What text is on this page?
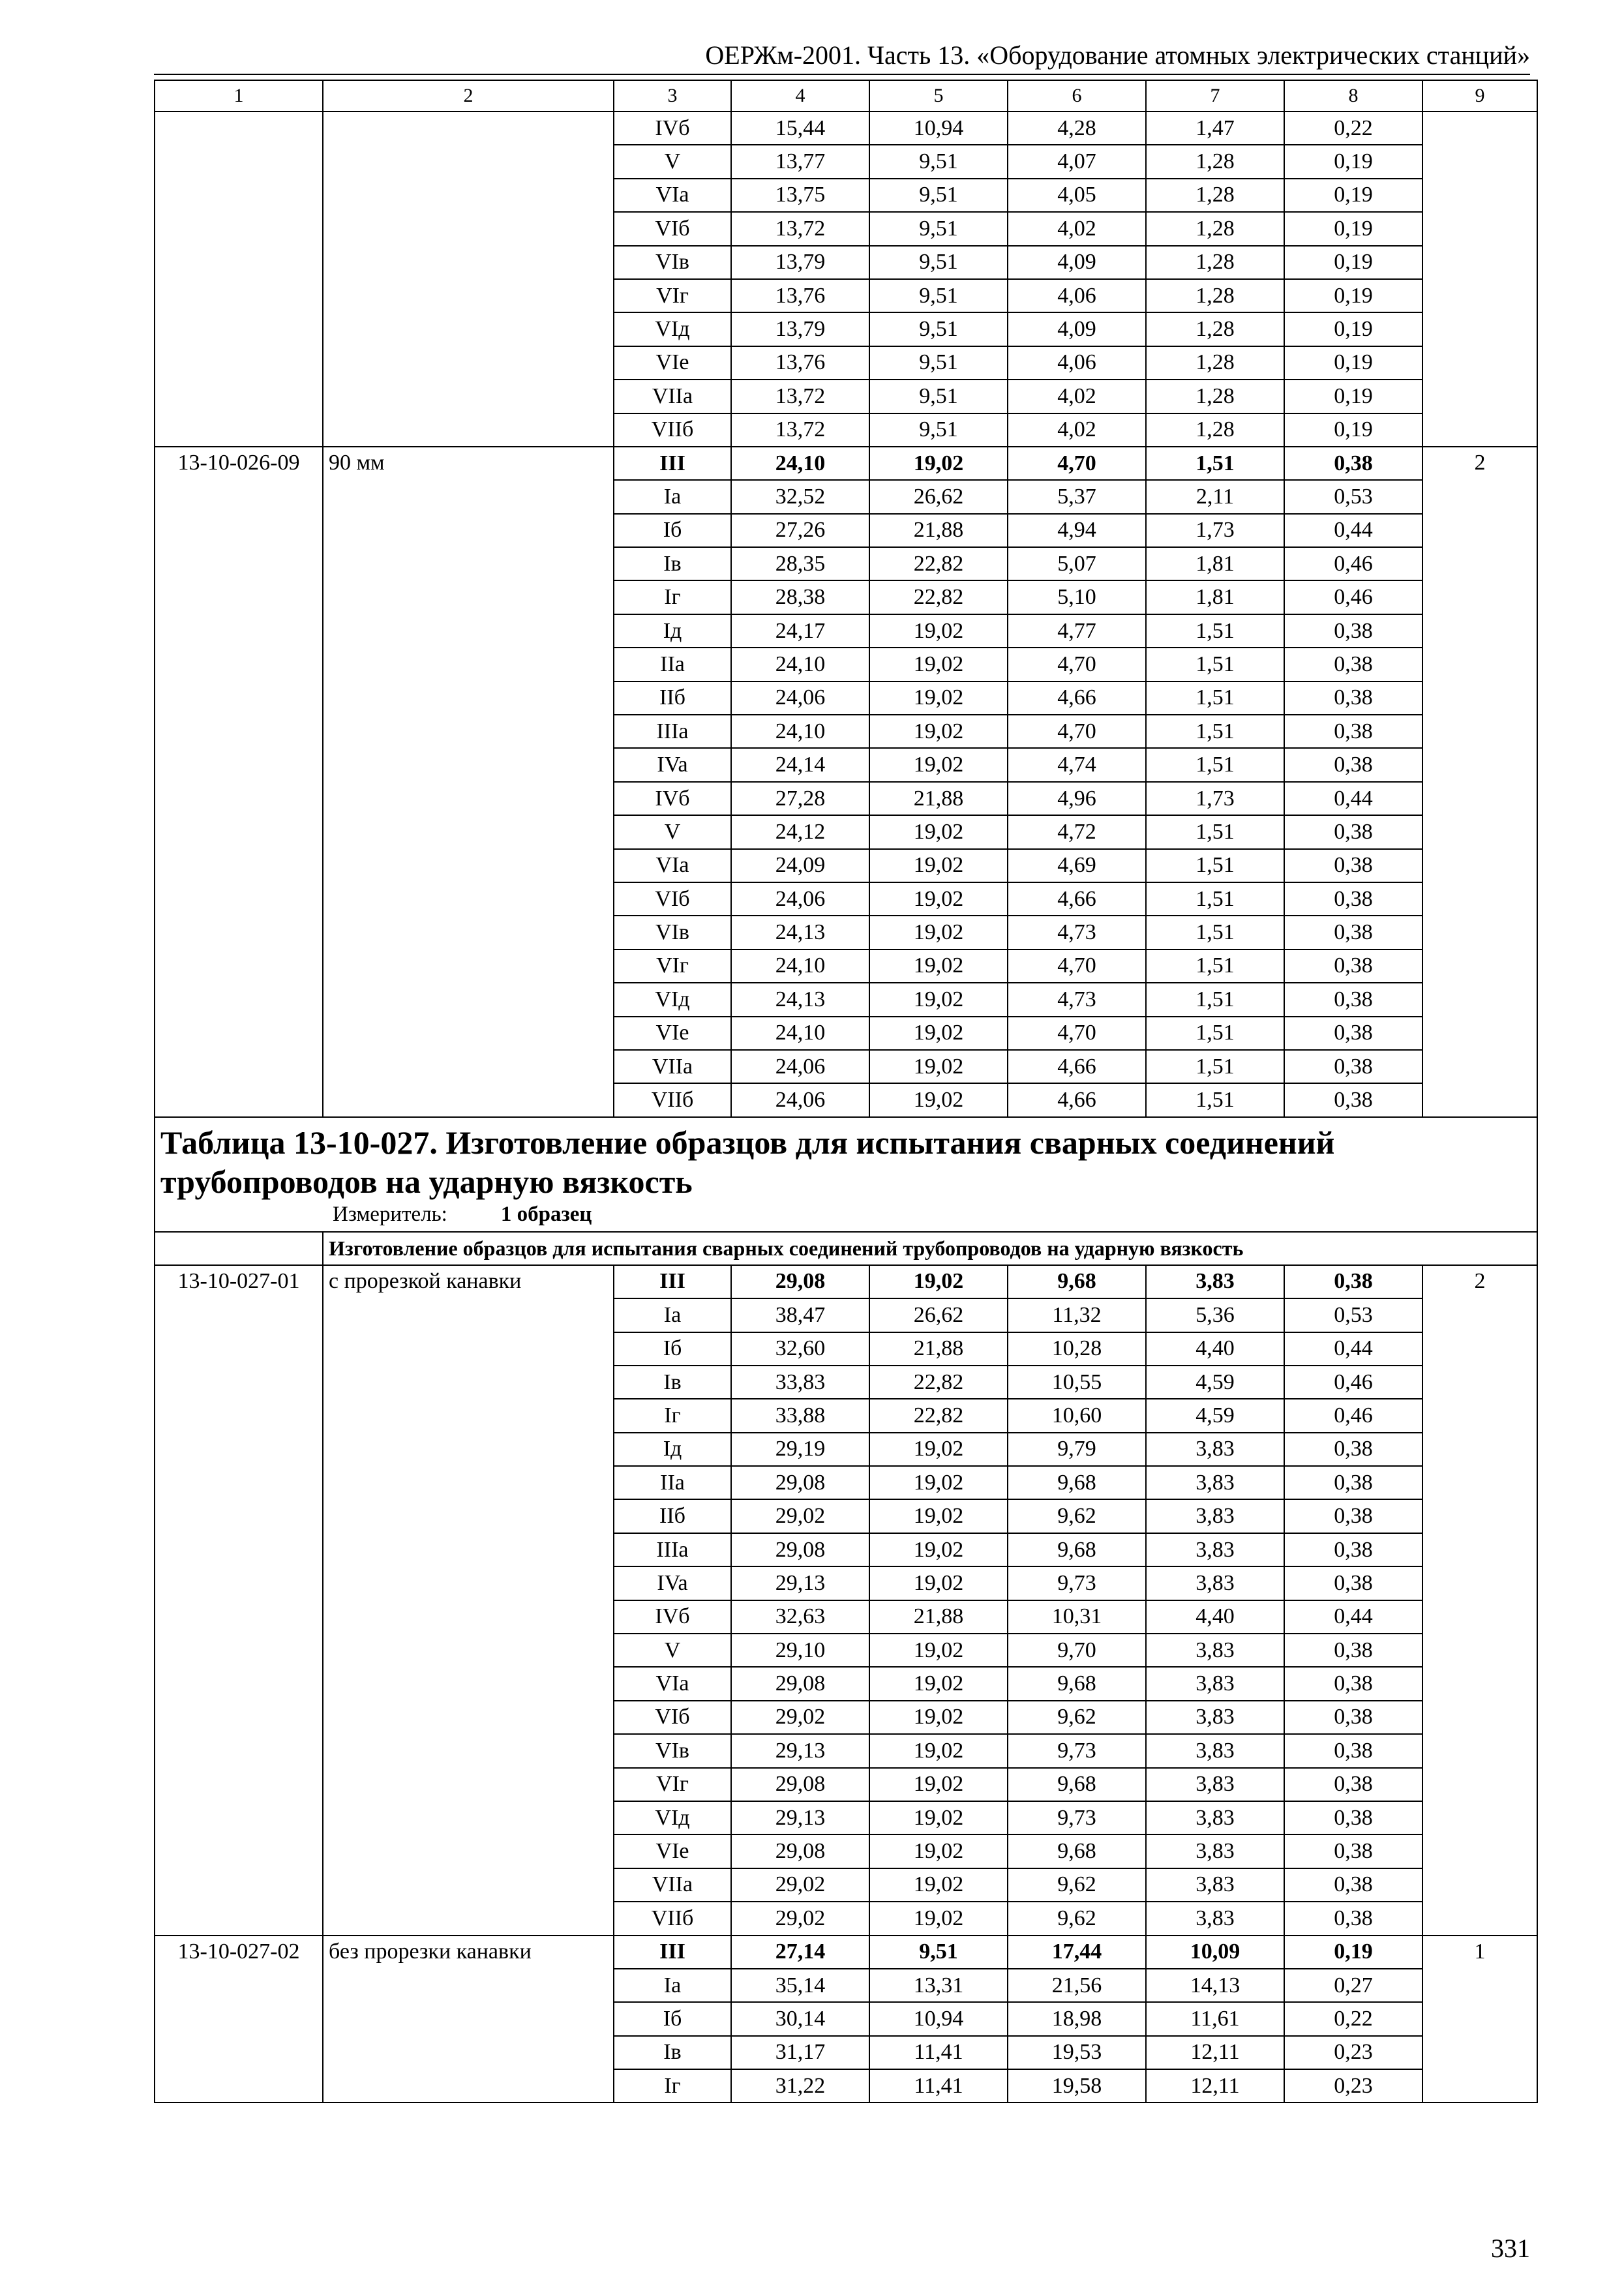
ОЕРЖм-2001. Часть 13. «Оборудование атомных электрических станций»
1	2	3	4	5	6	7	8	9
		IVб	15,44	10,94	4,28	1,47	0,22	
		V	13,77	9,51	4,07	1,28	0,19	
		VIa	13,75	9,51	4,05	1,28	0,19	
		VIб	13,72	9,51	4,02	1,28	0,19	
		VIв	13,79	9,51	4,09	1,28	0,19	
		VIг	13,76	9,51	4,06	1,28	0,19	
		VIд	13,79	9,51	4,09	1,28	0,19	
		VIe	13,76	9,51	4,06	1,28	0,19	
		VIIa	13,72	9,51	4,02	1,28	0,19	
		VIIб	13,72	9,51	4,02	1,28	0,19	
13-10-026-09	90 мм	III	24,10	19,02	4,70	1,51	0,38	2
		Ia	32,52	26,62	5,37	2,11	0,53	
		Iб	27,26	21,88	4,94	1,73	0,44	
		Iв	28,35	22,82	5,07	1,81	0,46	
		Iг	28,38	22,82	5,10	1,81	0,46	
		Iд	24,17	19,02	4,77	1,51	0,38	
		IIa	24,10	19,02	4,70	1,51	0,38	
		IIб	24,06	19,02	4,66	1,51	0,38	
		IIIa	24,10	19,02	4,70	1,51	0,38	
		IVa	24,14	19,02	4,74	1,51	0,38	
		IVб	27,28	21,88	4,96	1,73	0,44	
		V	24,12	19,02	4,72	1,51	0,38	
		VIa	24,09	19,02	4,69	1,51	0,38	
		VIб	24,06	19,02	4,66	1,51	0,38	
		VIв	24,13	19,02	4,73	1,51	0,38	
		VIг	24,10	19,02	4,70	1,51	0,38	
		VIд	24,13	19,02	4,73	1,51	0,38	
		VIe	24,10	19,02	4,70	1,51	0,38	
		VIIa	24,06	19,02	4,66	1,51	0,38	
		VIIб	24,06	19,02	4,66	1,51	0,38	

Таблица 13-10-027. Изготовление образцов для испытания сварных соединений трубопроводов на ударную вязкость
Измеритель: 1 образец								

	Изготовление образцов для испытания сварных соединений трубопроводов на ударную вязкость							
13-10-027-01	с прорезкой канавки	III	29,08	19,02	9,68	3,83	0,38	2
		Ia	38,47	26,62	11,32	5,36	0,53	
		Iб	32,60	21,88	10,28	4,40	0,44	
		Iв	33,83	22,82	10,55	4,59	0,46	
		Iг	33,88	22,82	10,60	4,59	0,46	
		Iд	29,19	19,02	9,79	3,83	0,38	
		IIa	29,08	19,02	9,68	3,83	0,38	
		IIб	29,02	19,02	9,62	3,83	0,38	
		IIIa	29,08	19,02	9,68	3,83	0,38	
		IVa	29,13	19,02	9,73	3,83	0,38	
		IVб	32,63	21,88	10,31	4,40	0,44	
		V	29,10	19,02	9,70	3,83	0,38	
		VIa	29,08	19,02	9,68	3,83	0,38	
		VIб	29,02	19,02	9,62	3,83	0,38	
		VIв	29,13	19,02	9,73	3,83	0,38	
		VIг	29,08	19,02	9,68	3,83	0,38	
		VIд	29,13	19,02	9,73	3,83	0,38	
		VIe	29,08	19,02	9,68	3,83	0,38	
		VIIa	29,02	19,02	9,62	3,83	0,38	
		VIIб	29,02	19,02	9,62	3,83	0,38	
13-10-027-02	без прорезки канавки	III	27,14	9,51	17,44	10,09	0,19	1
		Ia	35,14	13,31	21,56	14,13	0,27	
		Iб	30,14	10,94	18,98	11,61	0,22	
		Iв	31,17	11,41	19,53	12,11	0,23	
		Iг	31,22	11,41	19,58	12,11	0,23	
331
